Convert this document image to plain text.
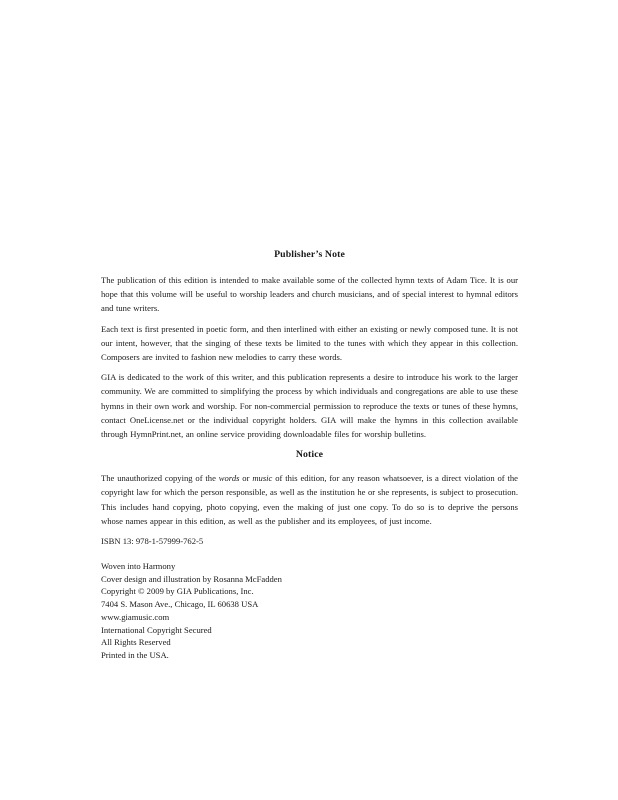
Publisher’s Note

The publication of this edition is intended to make available some of the collected hymn texts of Adam Tice. It is our hope that this volume will be useful to worship leaders and church musicians, and of special interest to hymnal editors and tune writers.

Each text is first presented in poetic form, and then interlined with either an existing or newly composed tune. It is not our intent, however, that the singing of these texts be limited to the tunes with which they appear in this collection. Composers are invited to fashion new melodies to carry these words.

GIA is dedicated to the work of this writer, and this publication represents a desire to introduce his work to the larger community. We are committed to simplifying the process by which individuals and congregations are able to use these hymns in their own work and worship. For non-commercial permission to reproduce the texts or tunes of these hymns, contact OneLicense.net or the individual copyright holders. GIA will make the hymns in this collection available through HymnPrint.net, an online service providing downloadable files for worship bulletins.

Notice

The unauthorized copying of the words or music of this edition, for any reason whatsoever, is a direct violation of the copyright law for which the person responsible, as well as the institution he or she represents, is subject to prosecution. This includes hand copying, photo copying, even the making of just one copy. To do so is to deprive the persons whose names appear in this edition, as well as the publisher and its employees, of just income.

ISBN 13: 978-1-57999-762-5

Woven into Harmony
Cover design and illustration by Rosanna McFadden
Copyright © 2009 by GIA Publications, Inc.
7404 S. Mason Ave., Chicago, IL 60638 USA
www.giamusic.com
International Copyright Secured
All Rights Reserved
Printed in the USA.
